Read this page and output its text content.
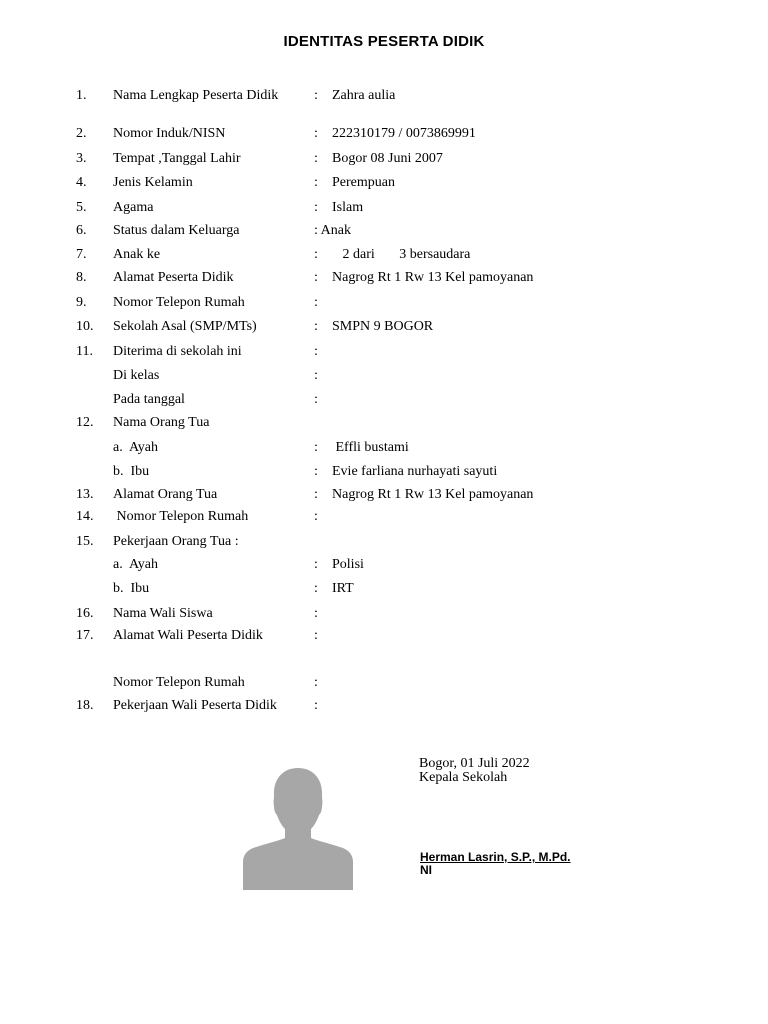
IDENTITAS PESERTA DIDIK
1. Nama Lengkap Peserta Didik	: Zahra aulia
2. Nomor Induk/NISN	: 222310179 / 0073869991
3. Tempat ,Tanggal Lahir	: Bogor 08 Juni 2007
4. Jenis Kelamin	: Perempuan
5. Agama	: Islam
6. Status dalam Keluarga	: Anak
7. Anak ke	: 2 dari       3 bersaudara
8. Alamat Peserta Didik	: Nagrog Rt 1 Rw 13 Kel pamoyanan
9. Nomor Telepon Rumah	:
10. Sekolah Asal (SMP/MTs)	: SMPN 9 BOGOR
11. Diterima di sekolah ini	:
Di kelas	:
Pada tanggal	:
12. Nama Orang Tua
a.  Ayah	: Effli bustami
b.  Ibu	: Evie farliana nurhayati sayuti
13. Alamat Orang Tua	: Nagrog Rt 1 Rw 13 Kel pamoyanan
14. Nomor Telepon Rumah	:
15. Pekerjaan Orang Tua :
a.  Ayah	: Polisi
b.  Ibu	: IRT
16. Nama Wali Siswa	:
17. Alamat Wali Peserta Didik	:
Nomor Telepon Rumah	:
18. Pekerjaan Wali Peserta Didik	:
Bogor, 01 Juli 2022
Kepala Sekolah
Herman Lasrin, S.P., M.Pd.
NI
